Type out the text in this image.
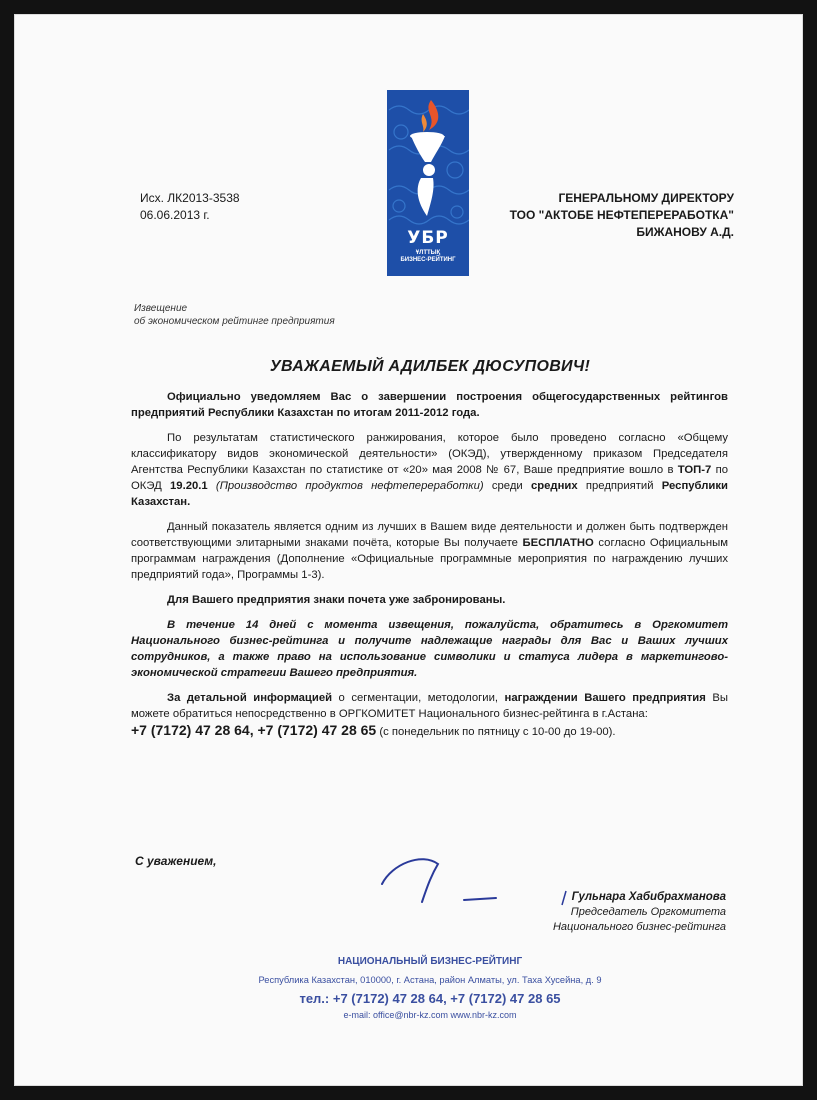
УБР
ҰЛТТЫҚ
БИЗНЕС-РЕЙТИНГ
Исх. ЛК2013-3538
06.06.2013 г.
ГЕНЕРАЛЬНОМУ ДИРЕКТОРУ
ТОО "АКТОБЕ НЕФТЕПЕРЕРАБОТКА"
БИЖАНОВУ А.Д.
Извещение
об экономическом рейтинге предприятия
УВАЖАЕМЫЙ АДИЛБЕК ДЮСУПОВИЧ!

Официально уведомляем Вас о завершении построения общегосударственных рейтингов предприятий Республики Казахстан по итогам 2011-2012 года.

По результатам статистического ранжирования, которое было проведено согласно «Общему классификатору видов экономической деятельности» (ОКЭД), утвержденному приказом Председателя Агентства Республики Казахстан по статистике от «20» мая 2008 № 67, Ваше предприятие вошло в ТОП-7 по ОКЭД 19.20.1 (Производство продуктов нефтепереработки) среди средних предприятий Республики Казахстан.

Данный показатель является одним из лучших в Вашем виде деятельности и должен быть подтвержден соответствующими элитарными знаками почёта, которые Вы получаете БЕСПЛАТНО согласно Официальным программам награждения (Дополнение «Официальные программные мероприятия по награждению лучших предприятий года», Программы 1-3).

Для Вашего предприятия знаки почета уже забронированы.

В течение 14 дней с момента извещения, пожалуйста, обратитесь в Оргкомитет Национального бизнес-рейтинга и получите надлежащие награды для Вас и Ваших лучших сотрудников, а также право на использование символики и статуса лидера в маркетингово-экономической стратегии Вашего предприятия.

За детальной информацией о сегментации, методологии, награждении Вашего предприятия Вы можете обратиться непосредственно в ОРГКОМИТЕТ Национального бизнес-рейтинга в г.Астана:
+7 (7172) 47 28 64, +7 (7172) 47 28 65 (с понедельник по пятницу с 10-00 до 19-00).

С уважением,
Гульнара Хабибрахманова
Председатель Оргкомитета
Национального бизнес-рейтинга
НАЦИОНАЛЬНЫЙ БИЗНЕС-РЕЙТИНГ
Республика Казахстан, 010000, г. Астана, район Алматы, ул. Таха Хусейна, д. 9
тел.: +7 (7172) 47 28 64, +7 (7172) 47 28 65
e-mail: office@nbr-kz.com www.nbr-kz.com
